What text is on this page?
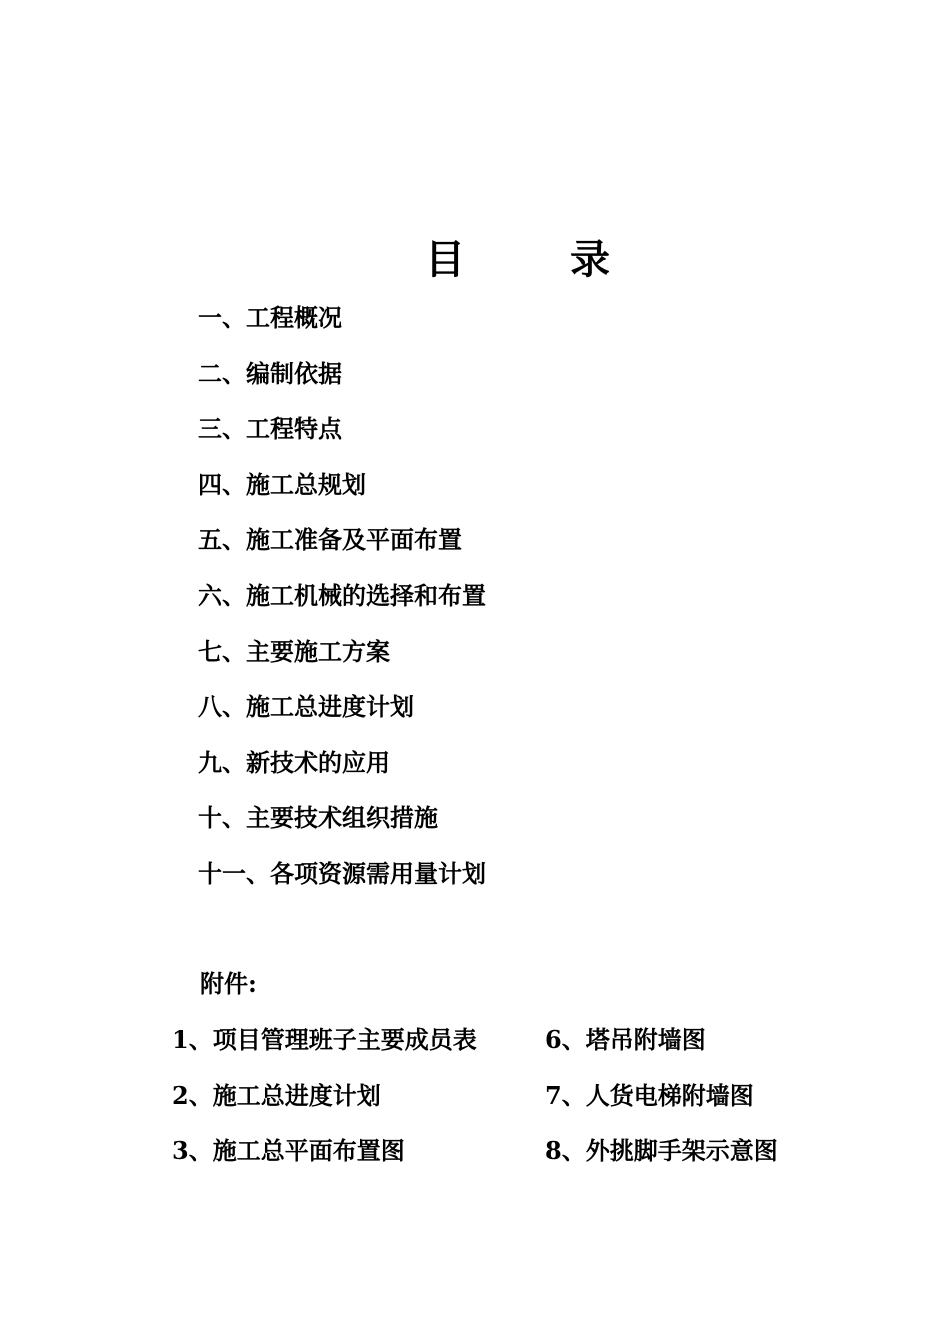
目	录
一、工程概况
二、编制依据
三、工程特点
四、施工总规划
五、施工准备及平面布置
六、施工机械的选择和布置
七、主要施工方案
八、施工总进度计划
九、新技术的应用
十、主要技术组织措施
十一、各项资源需用量计划
附件:
1、项目管理班子主要成员表
2、施工总进度计划
3、施工总平面布置图
6、塔吊附墙图
7、人货电梯附墙图
8、外挑脚手架示意图
